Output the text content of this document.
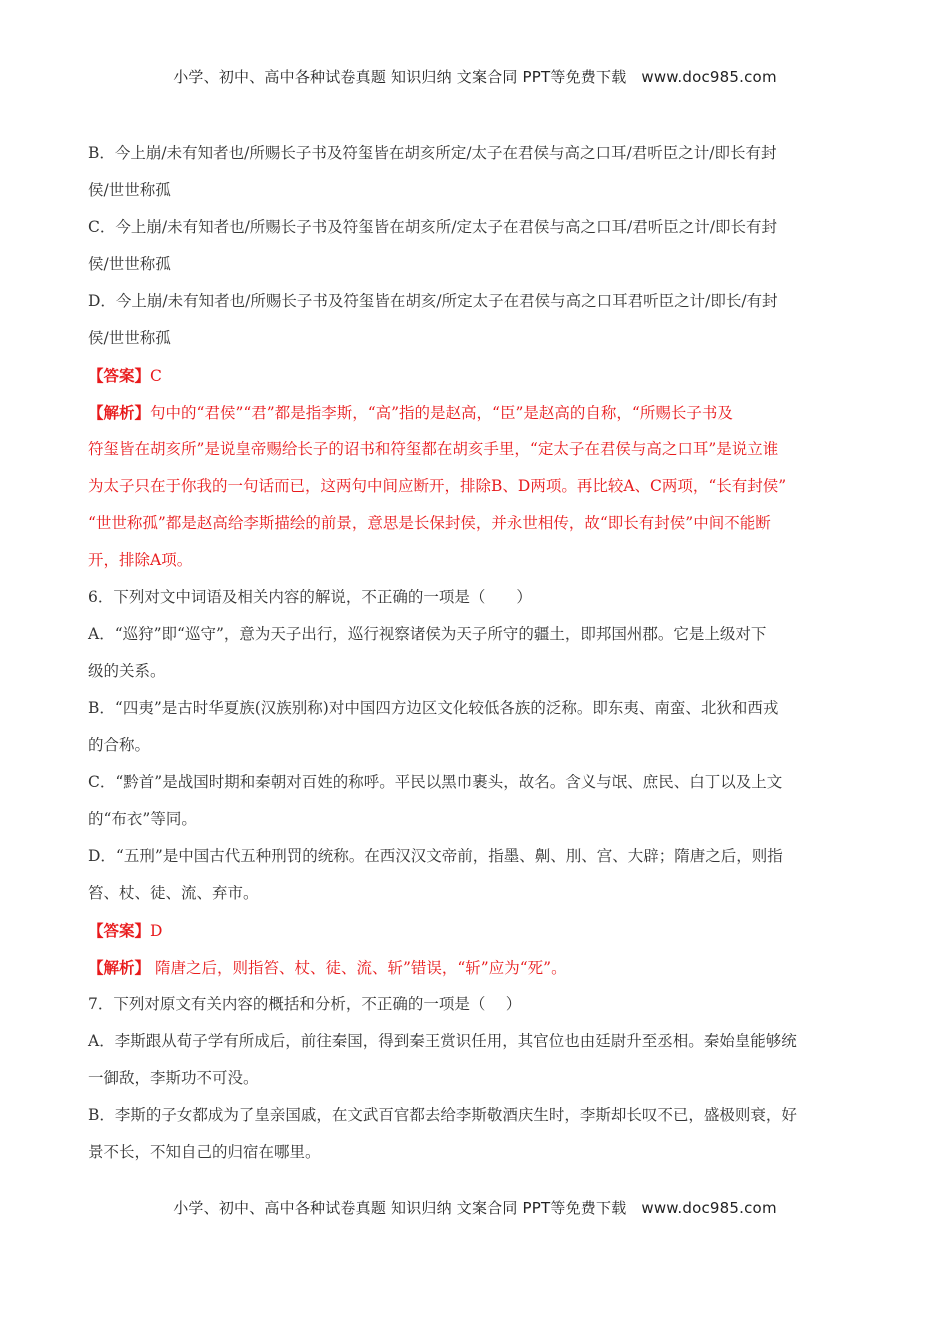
小学、初中、高中各种试卷真题 知识归纳 文案合同 PPT等免费下载 www.doc985.com
B．今上崩/未有知者也/所赐长子书及符玺皆在胡亥所定/太子在君侯与高之口耳/君听臣之计/即长有封
侯/世世称孤
C．今上崩/未有知者也/所赐长子书及符玺皆在胡亥所/定太子在君侯与高之口耳/君听臣之计/即长有封
侯/世世称孤
D．今上崩/未有知者也/所赐长子书及符玺皆在胡亥/所定太子在君侯与高之口耳君听臣之计/即长/有封
侯/世世称孤
【答案】C
【解析】句中的“君侯”“君”都是指李斯，“高”指的是赵高，“臣”是赵高的自称，“所赐长子书及
符玺皆在胡亥所”是说皇帝赐给长子的诏书和符玺都在胡亥手里，“定太子在君侯与高之口耳”是说立谁
为太子只在于你我的一句话而已，这两句中间应断开，排除B、D两项。再比较A、C两项，“长有封侯”
“世世称孤”都是赵高给李斯描绘的前景，意思是长保封侯，并永世相传，故“即长有封侯”中间不能断
开，排除A项。
6．下列对文中词语及相关内容的解说，不正确的一项是（　　）
A．“巡狩”即“巡守”，意为天子出行，巡行视察诸侯为天子所守的疆土，即邦国州郡。它是上级对下
级的关系。
B．“四夷”是古时华夏族(汉族别称)对中国四方边区文化较低各族的泛称。即东夷、南蛮、北狄和西戎
的合称。
C．“黔首”是战国时期和秦朝对百姓的称呼。平民以黑巾裹头，故名。含义与氓、庶民、白丁以及上文
的“布衣”等同。
D．“五刑”是中国古代五种刑罚的统称。在西汉汉文帝前，指墨、劓、刖、宫、大辟；隋唐之后，则指
笞、杖、徒、流、弃市。
【答案】D
【解析】 隋唐之后，则指笞、杖、徒、流、斩”错误，“斩”应为“死”。
7．下列对原文有关内容的概括和分析，不正确的一项是（　 ）
A．李斯跟从荀子学有所成后，前往秦国，得到秦王赏识任用，其官位也由廷尉升至丞相。秦始皇能够统
一御敌，李斯功不可没。
B．李斯的子女都成为了皇亲国戚，在文武百官都去给李斯敬酒庆生时，李斯却长叹不已，盛极则衰，好
景不长，不知自己的归宿在哪里。
小学、初中、高中各种试卷真题 知识归纳 文案合同 PPT等免费下载 www.doc985.com
